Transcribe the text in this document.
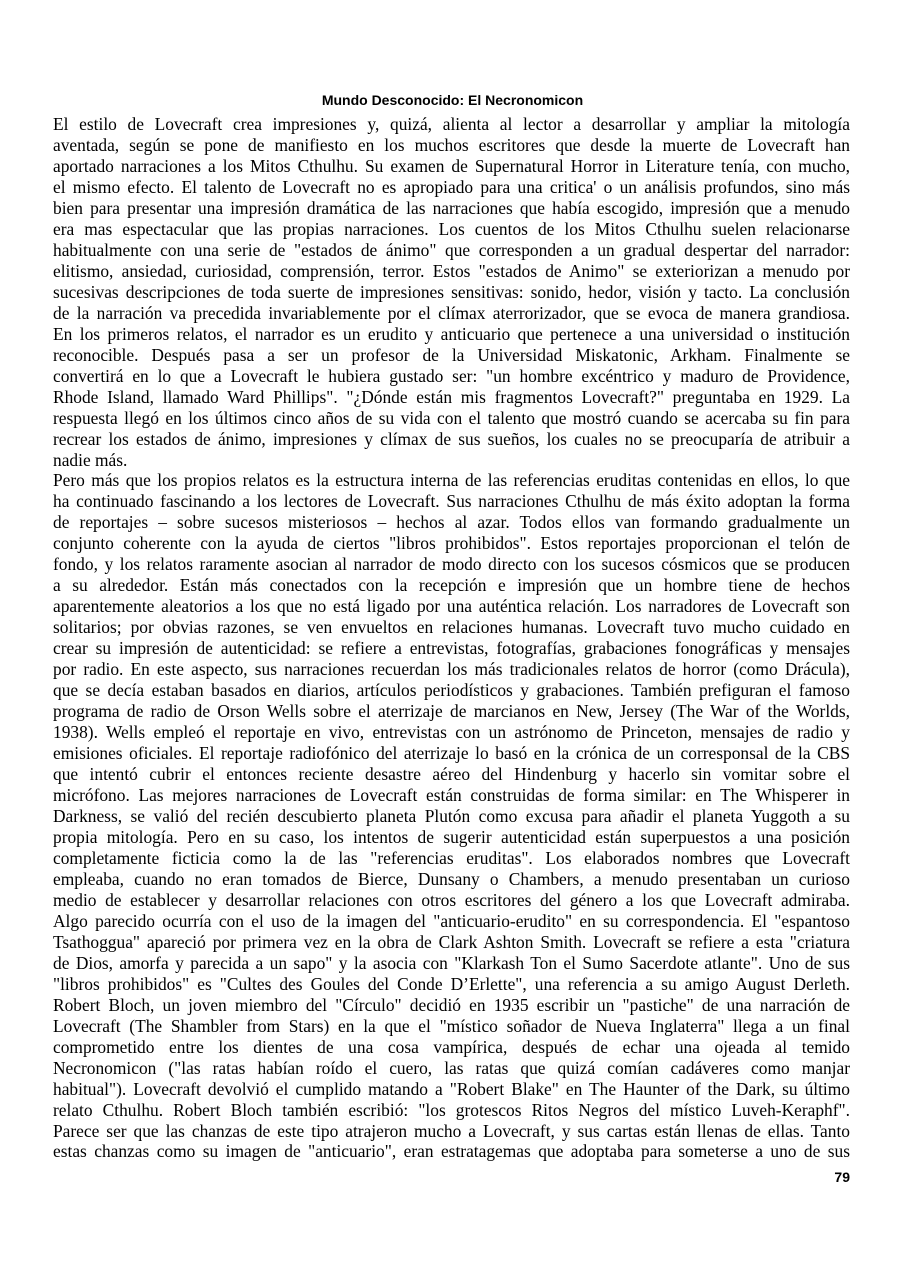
Mundo Desconocido: El Necronomicon
El estilo de Lovecraft crea impresiones y, quizá, alienta al lector a desarrollar y ampliar la mitología
aventada, según se pone de manifiesto en los muchos escritores que desde la muerte de Lovecraft han
aportado narraciones a los Mitos Cthulhu. Su examen de Supernatural Horror in Literature tenía, con mucho,
el mismo efecto. El talento de Lovecraft no es apropiado para una critica' o un análisis profundos, sino más
bien para presentar una impresión dramática de las narraciones que había escogido, impresión que a menudo
era mas espectacular que las propias narraciones. Los cuentos de los Mitos Cthulhu suelen relacionarse
habitualmente con una serie de "estados de ánimo" que corresponden a un gradual despertar del narrador:
elitismo, ansiedad, curiosidad, comprensión, terror. Estos "estados de Animo" se exteriorizan a menudo por
sucesivas descripciones de toda suerte de impresiones sensitivas: sonido, hedor, visión y tacto. La conclusión
de la narración va precedida invariablemente por el clímax aterrorizador, que se evoca de manera grandiosa.
En los primeros relatos, el narrador es un erudito y anticuario que pertenece a una universidad o institución
reconocible. Después pasa a ser un profesor de la Universidad Miskatonic, Arkham. Finalmente se
convertirá en lo que a Lovecraft le hubiera gustado ser: "un hombre excéntrico y maduro de Providence,
Rhode Island, llamado Ward Phillips". "¿Dónde están mis fragmentos Lovecraft?" preguntaba en 1929. La
respuesta llegó en los últimos cinco años de su vida con el talento que mostró cuando se acercaba su fin para
recrear los estados de ánimo, impresiones y clímax de sus sueños, los cuales no se preocuparía de atribuir a
nadie más.
Pero más que los propios relatos es la estructura interna de las referencias eruditas contenidas en ellos, lo que
ha continuado fascinando a los lectores de Lovecraft. Sus narraciones Cthulhu de más éxito adoptan la forma
de reportajes – sobre sucesos misteriosos – hechos al azar. Todos ellos van formando gradualmente un
conjunto coherente con la ayuda de ciertos "libros prohibidos". Estos reportajes proporcionan el telón de
fondo, y los relatos raramente asocian al narrador de modo directo con los sucesos cósmicos que se producen
a su alrededor. Están más conectados con la recepción e impresión que un hombre tiene de hechos
aparentemente aleatorios a los que no está ligado por una auténtica relación. Los narradores de Lovecraft son
solitarios; por obvias razones, se ven envueltos en relaciones humanas. Lovecraft tuvo mucho cuidado en
crear su impresión de autenticidad: se refiere a entrevistas, fotografías, grabaciones fonográficas y mensajes
por radio. En este aspecto, sus narraciones recuerdan los más tradicionales relatos de horror (como Drácula),
que se decía estaban basados en diarios, artículos periodísticos y grabaciones. También prefiguran el famoso
programa de radio de Orson Wells sobre el aterrizaje de marcianos en New, Jersey (The War of the Worlds,
1938). Wells empleó el reportaje en vivo, entrevistas con un astrónomo de Princeton, mensajes de radio y
emisiones oficiales. El reportaje radiofónico del aterrizaje lo basó en la crónica de un corresponsal de la CBS
que intentó cubrir el entonces reciente desastre aéreo del Hindenburg y hacerlo sin vomitar sobre el
micrófono. Las mejores narraciones de Lovecraft están construidas de forma similar: en The Whisperer in
Darkness, se valió del recién descubierto planeta Plutón como excusa para añadir el planeta Yuggoth a su
propia mitología. Pero en su caso, los intentos de sugerir autenticidad están superpuestos a una posición
completamente ficticia como la de las "referencias eruditas". Los elaborados nombres que Lovecraft
empleaba, cuando no eran tomados de Bierce, Dunsany o Chambers, a menudo presentaban un curioso
medio de establecer y desarrollar relaciones con otros escritores del género a los que Lovecraft admiraba.
Algo parecido ocurría con el uso de la imagen del "anticuario-erudito" en su correspondencia. El "espantoso
Tsathoggua" apareció por primera vez en la obra de Clark Ashton Smith. Lovecraft se refiere a esta "criatura
de Dios, amorfa y parecida a un sapo" y la asocia con "Klarkash Ton el Sumo Sacerdote atlante". Uno de sus
"libros prohibidos" es "Cultes des Goules del Conde D’Erlette", una referencia a su amigo August Derleth.
Robert Bloch, un joven miembro del "Círculo" decidió en 1935 escribir un "pastiche" de una narración de
Lovecraft (The Shambler from Stars) en la que el "místico soñador de Nueva Inglaterra" llega a un final
comprometido entre los dientes de una cosa vampírica, después de echar una ojeada al temido
Necronomicon ("las ratas habían roído el cuero, las ratas que quizá comían cadáveres como manjar
habitual"). Lovecraft devolvió el cumplido matando a "Robert Blake" en The Haunter of the Dark, su último
relato Cthulhu. Robert Bloch también escribió: "los grotescos Ritos Negros del místico Luveh-Keraphf".
Parece ser que las chanzas de este tipo atrajeron mucho a Lovecraft, y sus cartas están llenas de ellas. Tanto
estas chanzas como su imagen de "anticuario", eran estratagemas que adoptaba para someterse a uno de sus
79
